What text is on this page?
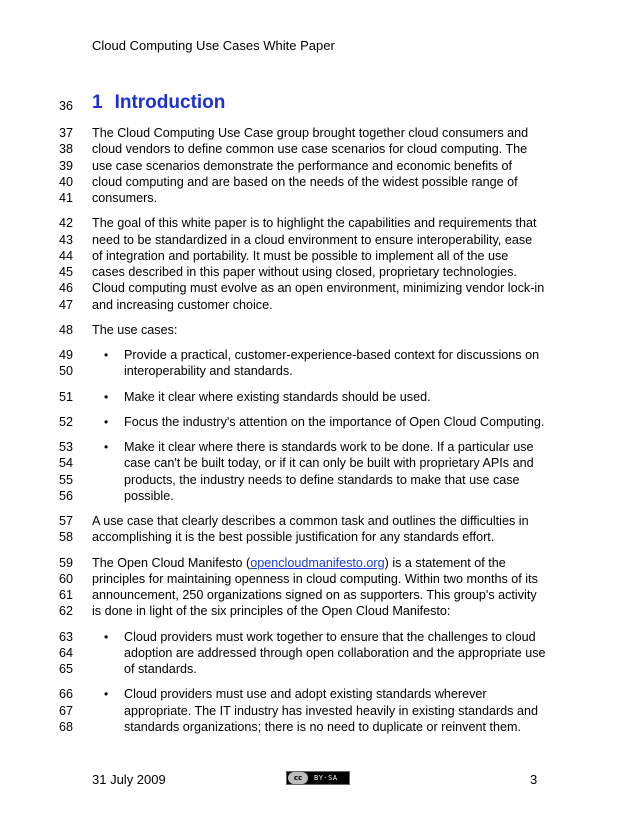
Cloud Computing Use Cases White Paper
36 1 Introduction
37 The Cloud Computing Use Case group brought together cloud consumers and
38 cloud vendors to define common use case scenarios for cloud computing. The
39 use case scenarios demonstrate the performance and economic benefits of
40 cloud computing and are based on the needs of the widest possible range of
41 consumers.
42 The goal of this white paper is to highlight the capabilities and requirements that
43 need to be standardized in a cloud environment to ensure interoperability, ease
44 of integration and portability. It must be possible to implement all of the use
45 cases described in this paper without using closed, proprietary technologies.
46 Cloud computing must evolve as an open environment, minimizing vendor lock-in
47 and increasing customer choice.
48 The use cases:
49	• Provide a practical, customer-experience-based context for discussions on
50	interoperability and standards.
51	• Make it clear where existing standards should be used.
52	• Focus the industry's attention on the importance of Open Cloud Computing.
53	• Make it clear where there is standards work to be done. If a particular use
54	case can't be built today, or if it can only be built with proprietary APIs and
55	products, the industry needs to define standards to make that use case
56	possible.
57 A use case that clearly describes a common task and outlines the difficulties in
58 accomplishing it is the best possible justification for any standards effort.
59 The Open Cloud Manifesto (opencloudmanifesto.org) is a statement of the
60 principles for maintaining openness in cloud computing. Within two months of its
61 announcement, 250 organizations signed on as supporters. This group's activity
62 is done in light of the six principles of the Open Cloud Manifesto:
63	• Cloud providers must work together to ensure that the challenges to cloud
64	adoption are addressed through open collaboration and the appropriate use
65	of standards.
66	• Cloud providers must use and adopt existing standards wherever
67	appropriate. The IT industry has invested heavily in existing standards and
68	standards organizations; there is no need to duplicate or reinvent them.
31 July 2009	cc	BY-SA	3
